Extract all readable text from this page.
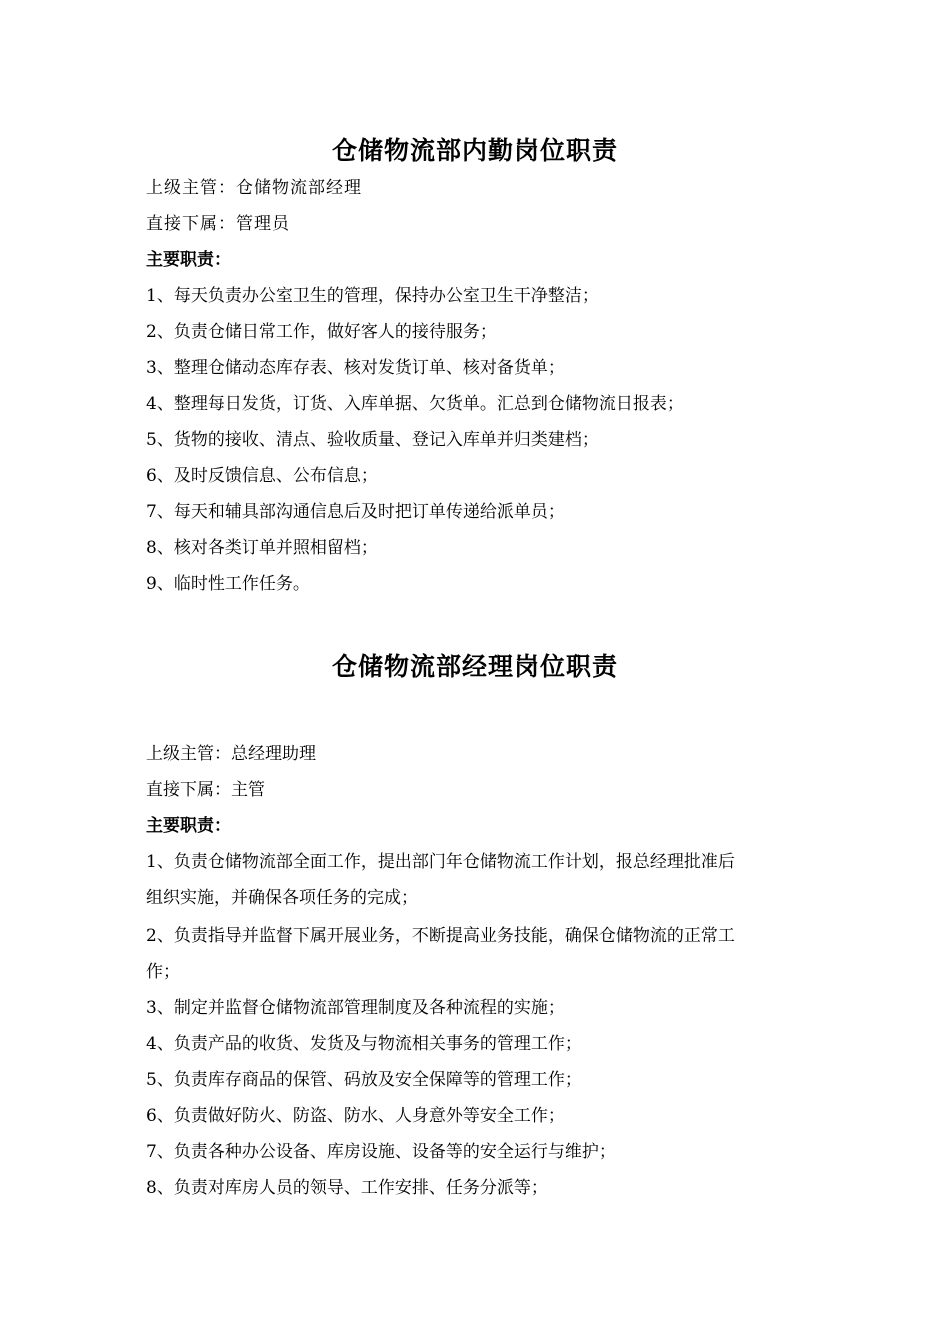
仓储物流部内勤岗位职责
上级主管：仓储物流部经理
直接下属：管理员
主要职责：
1、每天负责办公室卫生的管理，保持办公室卫生干净整洁；
2、负责仓储日常工作，做好客人的接待服务；
3、整理仓储动态库存表、核对发货订单、核对备货单；
4、整理每日发货，订货、入库单据、欠货单。汇总到仓储物流日报表；
5、货物的接收、清点、验收质量、登记入库单并归类建档；
6、及时反馈信息、公布信息；
7、每天和辅具部沟通信息后及时把订单传递给派单员；
8、核对各类订单并照相留档；
9、临时性工作任务。
仓储物流部经理岗位职责
上级主管：总经理助理
直接下属：主管
主要职责：
1、负责仓储物流部全面工作，提出部门年仓储物流工作计划，报总经理批准后
组织实施，并确保各项任务的完成；
2、负责指导并监督下属开展业务，不断提高业务技能，确保仓储物流的正常工
作；
3、制定并监督仓储物流部管理制度及各种流程的实施；
4、负责产品的收货、发货及与物流相关事务的管理工作；
5、负责库存商品的保管、码放及安全保障等的管理工作；
6、负责做好防火、防盗、防水、人身意外等安全工作；
7、负责各种办公设备、库房设施、设备等的安全运行与维护；
8、负责对库房人员的领导、工作安排、任务分派等；
